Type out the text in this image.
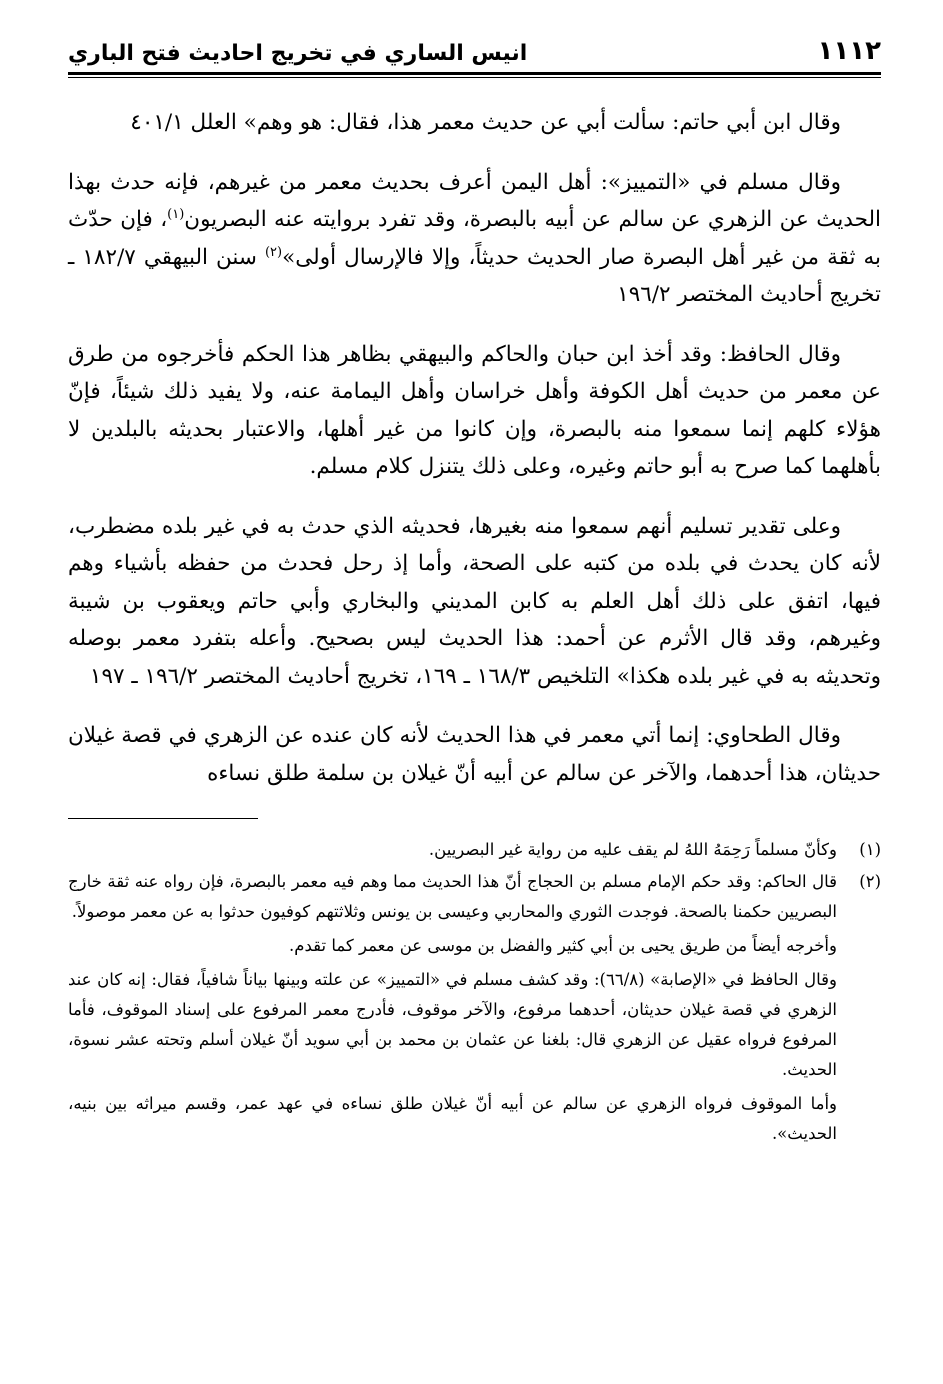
١١١٢
انيس الساري في تخريج احاديث فتح الباري

وقال ابن أبي حاتم: سألت أبي عن حديث معمر هذا، فقال: هو وهم» العلل ٤٠١/١

وقال مسلم في «التمييز»: أهل اليمن أعرف بحديث معمر من غيرهم، فإنه حدث بهذا الحديث عن الزهري عن سالم عن أبيه بالبصرة، وقد تفرد بروايته عنه البصريون$^{(١)}$، فإن حدّث به ثقة من غير أهل البصرة صار الحديث حديثاً، وإلا فالإرسال أولى»$^{(٢)}$ سنن البيهقي ١٨٢/٧ ـ تخريج أحاديث المختصر ١٩٦/٢

وقال الحافظ: وقد أخذ ابن حبان والحاكم والبيهقي بظاهر هذا الحكم فأخرجوه من طرق عن معمر من حديث أهل الكوفة وأهل خراسان وأهل اليمامة عنه، ولا يفيد ذلك شيئاً، فإنّ هؤلاء كلهم إنما سمعوا منه بالبصرة، وإن كانوا من غير أهلها، والاعتبار بحديثه بالبلدين لا بأهلهما كما صرح به أبو حاتم وغيره، وعلى ذلك يتنزل كلام مسلم.

وعلى تقدير تسليم أنهم سمعوا منه بغيرها، فحديثه الذي حدث به في غير بلده مضطرب، لأنه كان يحدث في بلده من كتبه على الصحة، وأما إذ رحل فحدث من حفظه بأشياء وهم فيها، اتفق على ذلك أهل العلم به كابن المديني والبخاري وأبي حاتم ويعقوب بن شيبة وغيرهم، وقد قال الأثرم عن أحمد: هذا الحديث ليس بصحيح. وأعله بتفرد معمر بوصله وتحديثه به في غير بلده هكذا» التلخيص ١٦٨/٣ ـ ١٦٩، تخريج أحاديث المختصر ١٩٦/٢ ـ ١٩٧

وقال الطحاوي: إنما أتي معمر في هذا الحديث لأنه كان عنده عن الزهري في قصة غيلان حديثان، هذا أحدهما، والآخر عن سالم عن أبيه أنّ غيلان بن سلمة طلق نساءه

(١)
وكأنّ مسلماً رَحِمَهُ اللهُ لم يقف عليه من رواية غير البصريين.
(٢)
قال الحاكم: وقد حكم الإمام مسلم بن الحجاج أنّ هذا الحديث مما وهم فيه معمر بالبصرة، فإن رواه عنه ثقة خارج البصريين حكمنا بالصحة. فوجدت الثوري والمحاربي وعيسى بن يونس وثلاثتهم كوفيون حدثوا به عن معمر موصولاً.
وأخرجه أيضاً من طريق يحيى بن أبي كثير والفضل بن موسى عن معمر كما تقدم.
وقال الحافظ في «الإصابة» (٦٦/٨): وقد كشف مسلم في «التمييز» عن علته وبينها بياناً شافياً، فقال: إنه كان عند الزهري في قصة غيلان حديثان، أحدهما مرفوع، والآخر موقوف، فأدرج معمر المرفوع على إسناد الموقوف، فأما المرفوع فرواه عقيل عن الزهري قال: بلغنا عن عثمان بن محمد بن أبي سويد أنّ غيلان أسلم وتحته عشر نسوة، الحديث.
وأما الموقوف فرواه الزهري عن سالم عن أبيه أنّ غيلان طلق نساءه في عهد عمر، وقسم ميراثه بين بنيه، الحديث».
